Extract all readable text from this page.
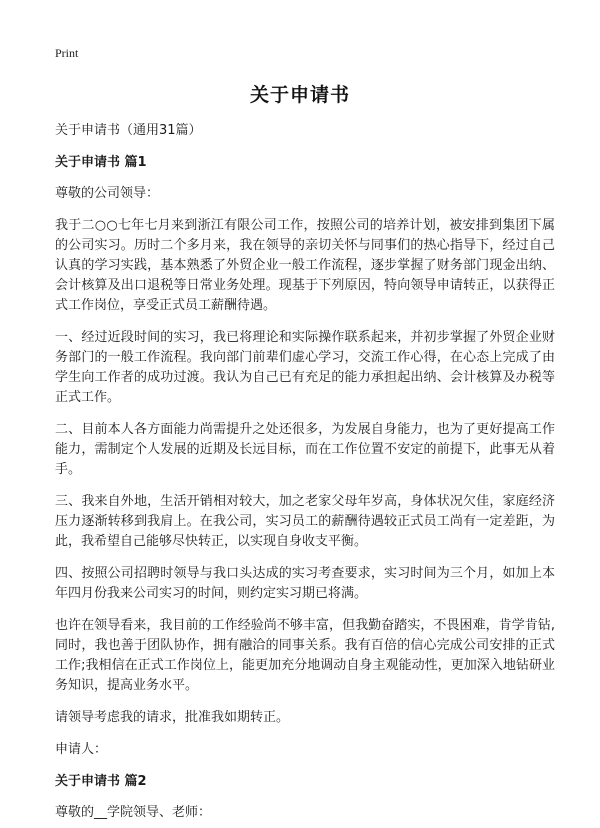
Print
关于申请书

关于申请书（通用31篇）

关于申请书 篇1

尊敬的公司领导：

我于二○○七年七月来到浙江有限公司工作，按照公司的培养计划，被安排到集团下属的公司实习。历时二个多月来，我在领导的亲切关怀与同事们的热心指导下，经过自己认真的学习实践，基本熟悉了外贸企业一般工作流程，逐步掌握了财务部门现金出纳、会计核算及出口退税等日常业务处理。现基于下列原因，特向领导申请转正，以获得正式工作岗位，享受正式员工薪酬待遇。

一、经过近段时间的实习，我已将理论和实际操作联系起来，并初步掌握了外贸企业财务部门的一般工作流程。我向部门前辈们虚心学习，交流工作心得，在心态上完成了由学生向工作者的成功过渡。我认为自己已有充足的能力承担起出纳、会计核算及办税等正式工作。

二、目前本人各方面能力尚需提升之处还很多，为发展自身能力，也为了更好提高工作能力，需制定个人发展的近期及长远目标，而在工作位置不安定的前提下，此事无从着手。

三、我来自外地，生活开销相对较大，加之老家父母年岁高，身体状况欠佳，家庭经济压力逐渐转移到我肩上。在我公司，实习员工的薪酬待遇较正式员工尚有一定差距，为此，我希望自己能够尽快转正，以实现自身收支平衡。

四、按照公司招聘时领导与我口头达成的实习考查要求，实习时间为三个月，如加上本年四月份我来公司实习的时间，则约定实习期已将满。

也许在领导看来，我目前的工作经验尚不够丰富，但我勤奋踏实，不畏困难，肯学肯钻,同时，我也善于团队协作，拥有融洽的同事关系。我有百倍的信心完成公司安排的正式工作;我相信在正式工作岗位上，能更加充分地调动自身主观能动性，更加深入地钻研业务知识，提高业务水平。

请领导考虑我的请求，批准我如期转正。

申请人：

关于申请书 篇2

尊敬的__学院领导、老师：
